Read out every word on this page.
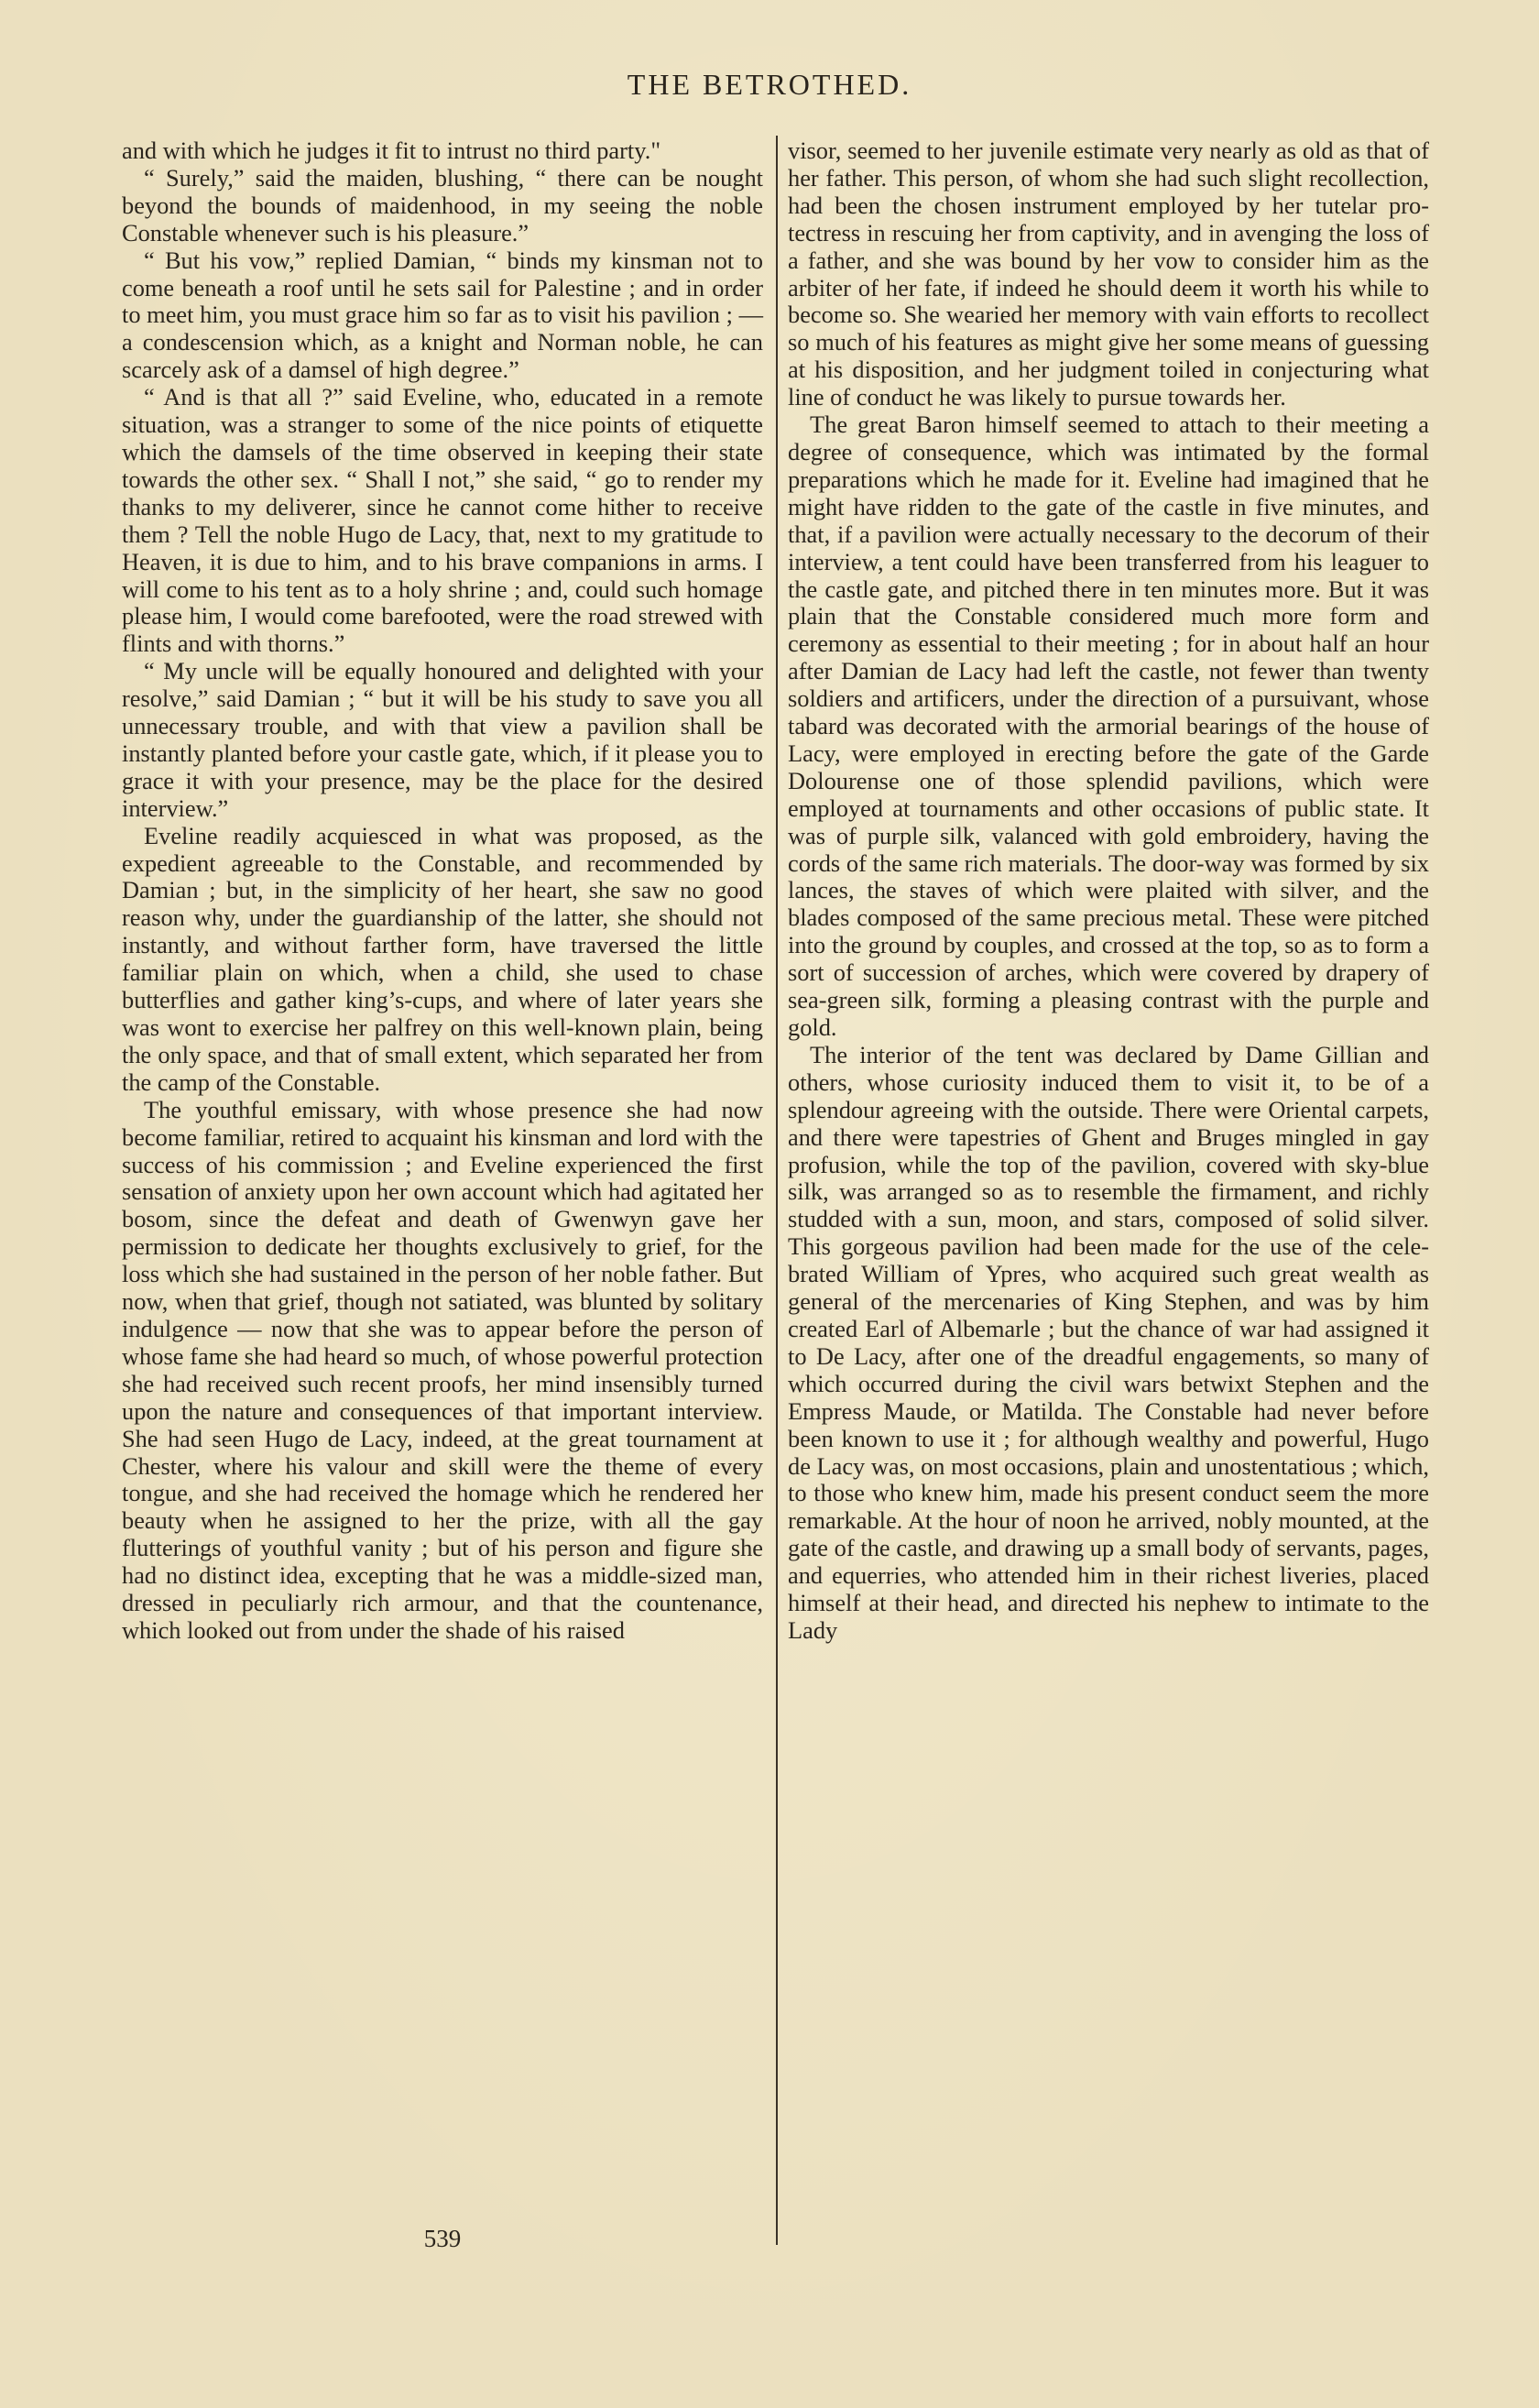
THE BETROTHED.

and with which he judges it fit to intrust no third party."

“ Surely,” said the maiden, blushing, “ there can be nought beyond the bounds of maidenhood, in my seeing the noble Constable whenever such is his pleasure.”

“ But his vow,” replied Damian, “ binds my kinsman not to come beneath a roof until he sets sail for Palestine ; and in order to meet him, you must grace him so far as to visit his pavilion ; — a condescension which, as a knight and Norman noble, he can scarcely ask of a damsel of high degree.”

“ And is that all ?” said Eveline, who, educated in a remote situation, was a stranger to some of the nice points of etiquette which the damsels of the time observed in keeping their state towards the other sex. “ Shall I not,” she said, “ go to render my thanks to my deliverer, since he cannot come hither to receive them ? Tell the noble Hugo de Lacy, that, next to my gratitude to Heaven, it is due to him, and to his brave companions in arms. I will come to his tent as to a holy shrine ; and, could such homage please him, I would come barefooted, were the road strewed with flints and with thorns.”

“ My uncle will be equally honoured and delighted with your resolve,” said Damian ; “ but it will be his study to save you all unnecessary trouble, and with that view a pavilion shall be instantly planted before your castle gate, which, if it please you to grace it with your presence, may be the place for the desired interview.”

Eveline readily acquiesced in what was proposed, as the expedient agreeable to the Constable, and recommended by Damian ; but, in the simplicity of her heart, she saw no good reason why, under the guardianship of the latter, she should not instantly, and without farther form, have traversed the little familiar plain on which, when a child, she used to chase butterflies and gather king’s-cups, and where of later years she was wont to exercise her palfrey on this well-known plain, being the only space, and that of small extent, which separated her from the camp of the Constable.

The youthful emissary, with whose presence she had now become familiar, retired to acquaint his kinsman and lord with the success of his commission ; and Eveline experienced the first sensation of anxiety upon her own account which had agitated her bosom, since the defeat and death of Gwenwyn gave her permission to dedicate her thoughts exclusively to grief, for the loss which she had sustained in the person of her noble father. But now, when that grief, though not satiated, was blunted by solitary indulgence — now that she was to appear before the person of whose fame she had heard so much, of whose powerful protection she had received such recent proofs, her mind insensibly turned upon the nature and consequences of that important interview. She had seen Hugo de Lacy, indeed, at the great tournament at Chester, where his valour and skill were the theme of every tongue, and she had received the homage which he rendered her beauty when he assigned to her the prize, with all the gay flutterings of youthful vanity ; but of his person and figure she had no distinct idea, excepting that he was a middle-sized man, dressed in peculiarly rich armour, and that the countenance, which looked out from under the shade of his raised

visor, seemed to her juvenile estimate very nearly as old as that of her father. This person, of whom she had such slight recollection, had been the chosen instrument employed by her tutelar protectress in rescuing her from captivity, and in avenging the loss of a father, and she was bound by her vow to consider him as the arbiter of her fate, if indeed he should deem it worth his while to become so. She wearied her memory with vain efforts to recollect so much of his features as might give her some means of guessing at his disposition, and her judgment toiled in conjecturing what line of conduct he was likely to pursue towards her.

The great Baron himself seemed to attach to their meeting a degree of consequence, which was intimated by the formal preparations which he made for it. Eveline had imagined that he might have ridden to the gate of the castle in five minutes, and that, if a pavilion were actually necessary to the decorum of their interview, a tent could have been transferred from his leaguer to the castle gate, and pitched there in ten minutes more. But it was plain that the Constable considered much more form and ceremony as essential to their meeting ; for in about half an hour after Damian de Lacy had left the castle, not fewer than twenty soldiers and artificers, under the direction of a pursuivant, whose tabard was decorated with the armorial bearings of the house of Lacy, were employed in erecting before the gate of the Garde Dolourense one of those splendid pavilions, which were employed at tournaments and other occasions of public state. It was of purple silk, valanced with gold embroidery, having the cords of the same rich materials. The door-way was formed by six lances, the staves of which were plaited with silver, and the blades composed of the same precious metal. These were pitched into the ground by couples, and crossed at the top, so as to form a sort of succession of arches, which were covered by drapery of sea-green silk, forming a pleasing contrast with the purple and gold.

The interior of the tent was declared by Dame Gillian and others, whose curiosity induced them to visit it, to be of a splendour agreeing with the outside. There were Oriental carpets, and there were tapestries of Ghent and Bruges mingled in gay profusion, while the top of the pavilion, covered with sky-blue silk, was arranged so as to resemble the firmament, and richly studded with a sun, moon, and stars, composed of solid silver. This gorgeous pavilion had been made for the use of the celebrated William of Ypres, who acquired such great wealth as general of the mercenaries of King Stephen, and was by him created Earl of Albemarle ; but the chance of war had assigned it to De Lacy, after one of the dreadful engagements, so many of which occurred during the civil wars betwixt Stephen and the Empress Maude, or Matilda. The Constable had never before been known to use it ; for although wealthy and powerful, Hugo de Lacy was, on most occasions, plain and unostentatious ; which, to those who knew him, made his present conduct seem the more remarkable. At the hour of noon he arrived, nobly mounted, at the gate of the castle, and drawing up a small body of servants, pages, and equerries, who attended him in their richest liveries, placed himself at their head, and directed his nephew to intimate to the Lady

539
